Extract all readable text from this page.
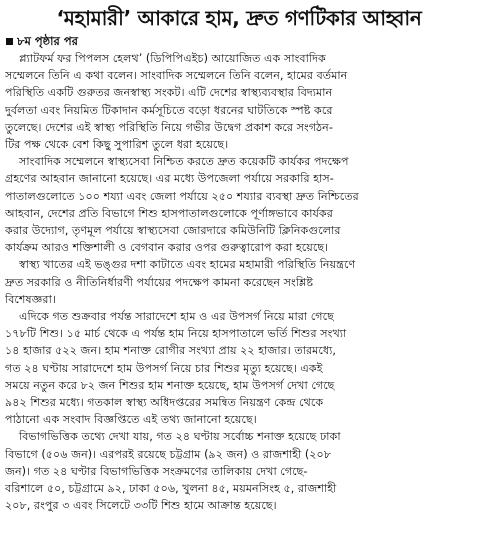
‘মহামারী’ আকারে হাম, দ্রুত গণটিকার আহ্বান
৮ম পৃষ্ঠার পর

প্ল্যাটফর্ম ফর পিপলস হেলথ’ (ডিপিপিএইচ) আয়োজিত এক সাংবাদিক
সম্মেলনে তিনি এ কথা বলেন। সাংবাদিক সম্মেলনে তিনি বলেন, হামের বর্তমান
পরিস্থিতি একটি গুরুতর জনস্বাস্থ্য সংকট। এটি দেশের স্বাস্থ্যব্যবস্থার বিদ্যমান
দুর্বলতা এবং নিয়মিত টিকাদান কর্মসূচিতে বড়ো ধরনের ঘাটতিকে স্পষ্ট করে
তুলেছে। দেশের এই স্বাস্থ্য পরিস্থিতি নিয়ে গভীর উদ্বেগ প্রকাশ করে সংগঠন-
টির পক্ষ থেকে বেশ কিছু সুপারিশ তুলে ধরা হয়েছে।

সাংবাদিক সম্মেলনে স্বাস্থ্যসেবা নিশ্চিত করতে দ্রুত কয়েকটি কার্যকর পদক্ষেপ
গ্রহণের আহবান জানানো হয়েছে। এর মধ্যে উপজেলা পর্যায়ে সরকারি হাস-
পাতালগুলোতে ১০০ শয্যা এবং জেলা পর্যায়ে ২৫০ শয্যার ব্যবস্থা দ্রুত নিশ্চিতের
আহবান, দেশের প্রতি বিভাগে শিশু হাসপাতালগুলোকে পূর্ণাঙ্গভাবে কার্যকর
করার উদ্যোগ, তৃণমূল পর্যায়ে স্বাস্থ্যসেবা জোরদারে কমিউনিটি ক্লিনিকগুলোর
কার্যক্রম আরও শক্তিশালী ও বেগবান করার ওপর গুরুত্বারোপ করা হয়েছে।

স্বাস্থ্য খাতের এই ভঙ্গুর দশা কাটাতে এবং হামের মহামারী পরিস্থিতি নিয়ন্ত্রণে
দ্রুত সরকারি ও নীতিনির্ধারণী পর্যায়ের পদক্ষেপ কামনা করেছেন সংশ্লিষ্ট
বিশেষজ্ঞরা।

এদিকে গত শুক্রবার পর্যন্ত সারাদেশে হাম ও এর উপসর্গ নিয়ে মারা গেছে
১৭৮টি শিশু। ১৫ মার্চ থেকে এ পর্যন্ত হাম নিয়ে হাসপাতালে ভর্তি শিশুর সংখ্যা
১৪ হাজার ৫২২ জন। হাম শনাক্ত রোগীর সংখ্যা প্রায় ২২ হাজার। তারমধ্যে,
গত ২৪ ঘণ্টায় সারাদেশে হাম উপসর্গ নিয়ে চার শিশুর মৃত্যু হয়েছে। একই
সময়ে নতুন করে ৮২ জন শিশুর হাম শনাক্ত হয়েছে, হাম উপসর্গ দেখা গেছে
৯৪২ শিশুর মধ্যে। গতকাল স্বাস্থ্য অধিদপ্তরের সমন্বিত নিয়ন্ত্রণ কেন্দ্র থেকে
পাঠানো এক সংবাদ বিজ্ঞপ্তিতে এই তথ্য জানানো হয়েছে।

বিভাগভিত্তিক তথ্যে দেখা যায়, গত ২৪ ঘণ্টায় সর্বোচ্চ শনাক্ত হয়েছে ঢাকা
বিভাগে (৫০৬ জন)। এরপরই রয়েছে চট্টগ্রাম (৯২ জন) ও রাজশাহী (২০৮
জন)। গত ২৪ ঘণ্টার বিভাগভিত্তিক সংক্রমণের তালিকায় দেখা গেছে-
বরিশালে ৫০, চট্টগ্রামে ৯২, ঢাকা ৫০৬, খুলনা ৪৫, ময়মনসিংহ ৫, রাজশাহী
২০৮, রংপুর ৩ এবং সিলেটে ৩৩টি শিশু হামে আক্রান্ত হয়েছে।
